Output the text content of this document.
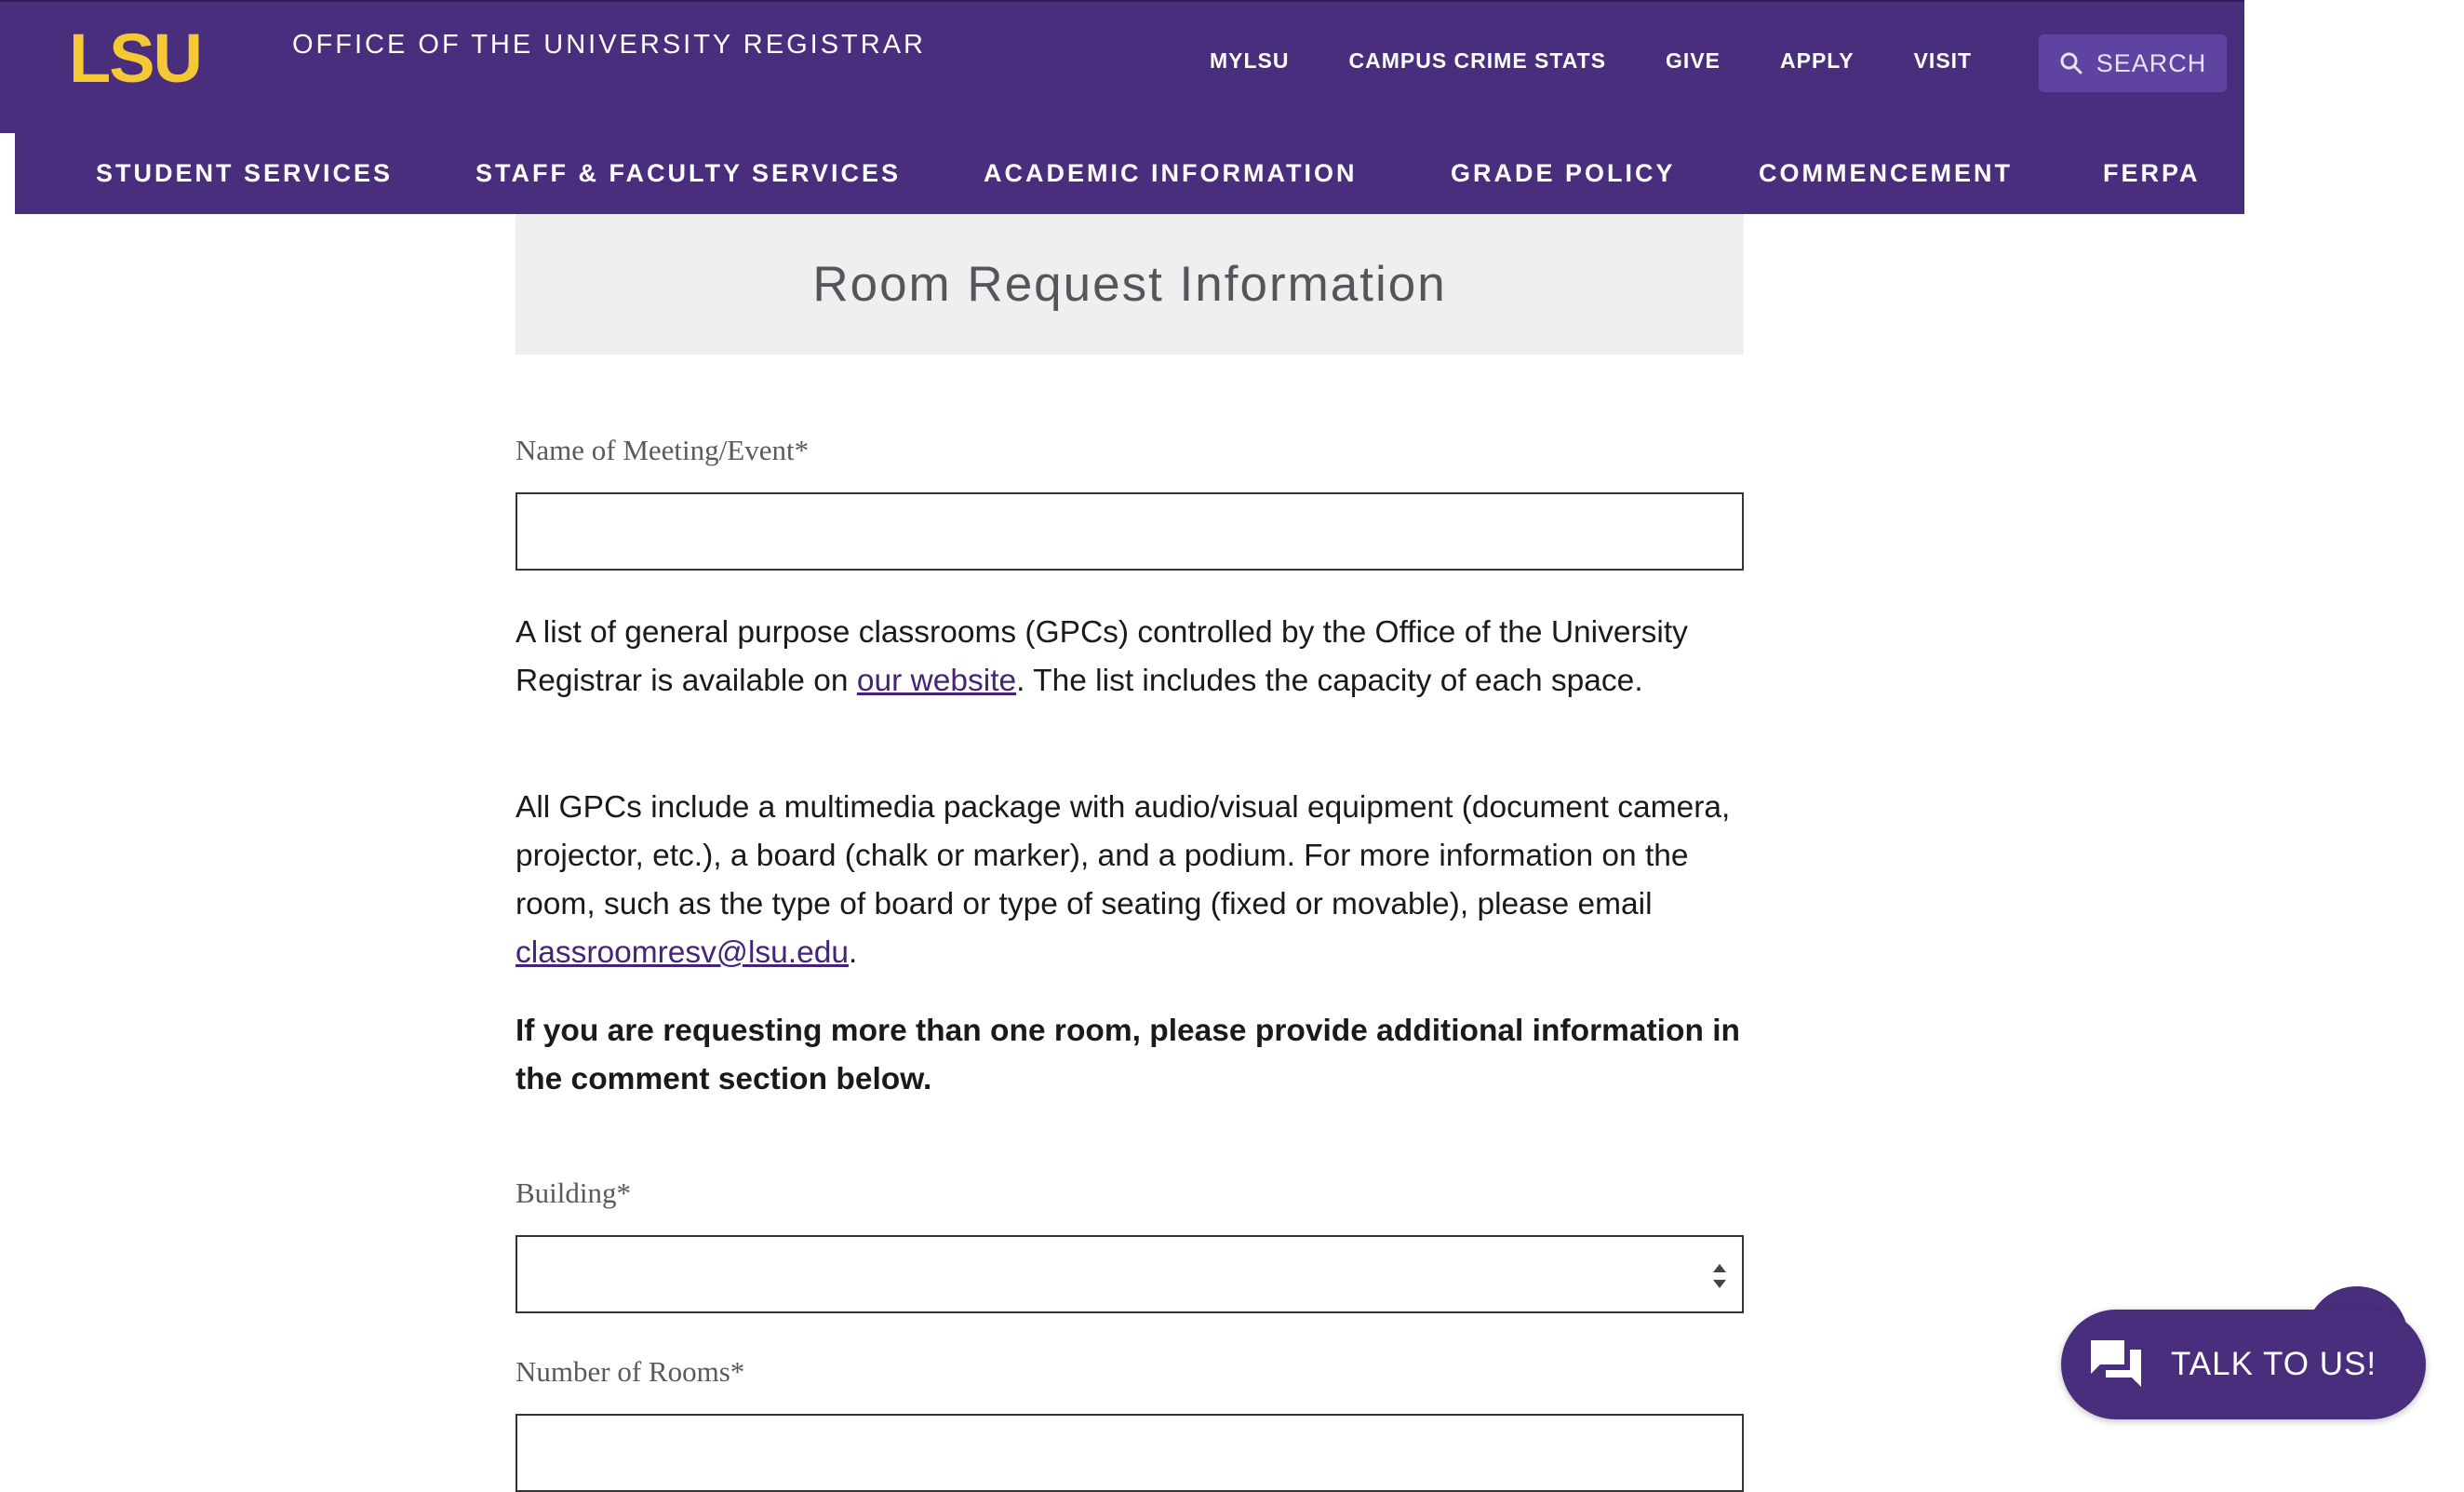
LSU	OFFICE OF THE UNIVERSITY REGISTRAR
MYLSU	CAMPUS CRIME STATS	GIVE	APPLY	VISIT	SEARCH
STUDENT SERVICES	STAFF & FACULTY SERVICES	ACADEMIC INFORMATION	GRADE POLICY	COMMENCEMENT	FERPA
Room Request Information
Name of Meeting/Event*

A list of general purpose classrooms (GPCs) controlled by the Office of the University Registrar is available on our website. The list includes the capacity of each space.

All GPCs include a multimedia package with audio/visual equipment (document camera, projector, etc.), a board (chalk or marker), and a podium. For more information on the room, such as the type of board or type of seating (fixed or movable), please email classroomresv@lsu.edu.

If you are requesting more than one room, please provide additional information in the comment section below.

Building*
Number of Rooms*	TALK TO US!
